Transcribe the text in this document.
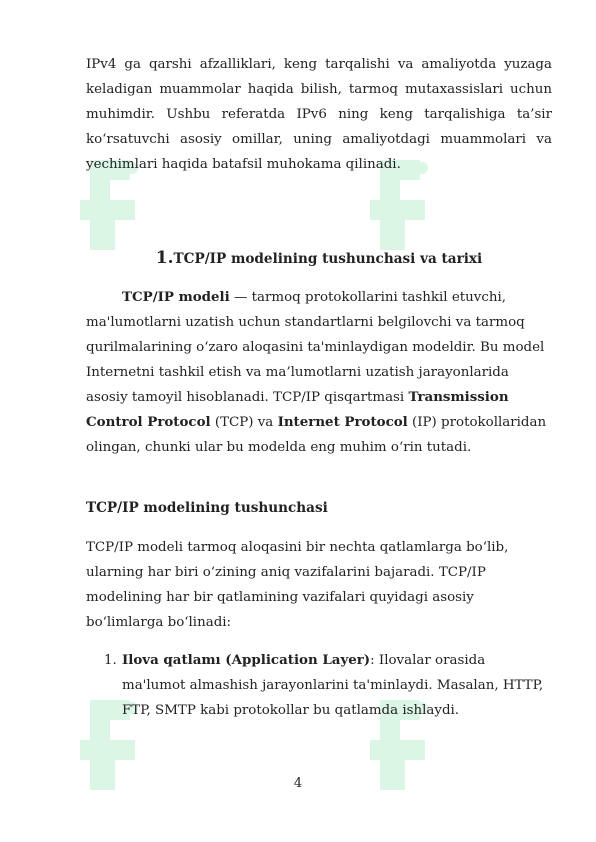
IPv4 ga qarshi afzalliklari, keng tarqalishi va amaliyotda yuzaga keladigan muammolar haqida bilish, tarmoq mutaxassislari uchun muhimdir. Ushbu referatda IPv6 ning keng tarqalishiga ta’sir ko‘rsatuvchi asosiy omillar, uning amaliyotdagi muammolari va yechimlari haqida batafsil muhokama qilinadi.
1.TCP/IP modelining tushunchasi va tarixi
TCP/IP modeli — tarmoq protokollarini tashkil etuvchi, ma'lumotlarni uzatish uchun standartlarni belgilovchi va tarmoq qurilmalarining o‘zaro aloqasini ta'minlaydigan modeldir. Bu model Internetni tashkil etish va ma’lumotlarni uzatish jarayonlarida asosiy tamoyil hisoblanadi. TCP/IP qisqartmasi Transmission Control Protocol (TCP) va Internet Protocol (IP) protokollaridan olingan, chunki ular bu modelda eng muhim o‘rin tutadi.
TCP/IP modelining tushunchasi
TCP/IP modeli tarmoq aloqasini bir nechta qatlamlarga bo‘lib, ularning har biri o‘zining aniq vazifalarini bajaradi. TCP/IP modelining har bir qatlamining vazifalari quyidagi asosiy bo‘limlarga bo‘linadi:
1. Ilova qatlamı (Application Layer): Ilovalar orasida ma'lumot almashish jarayonlarini ta'minlaydi. Masalan, HTTP, FTP, SMTP kabi protokollar bu qatlamda ishlaydi.
4
